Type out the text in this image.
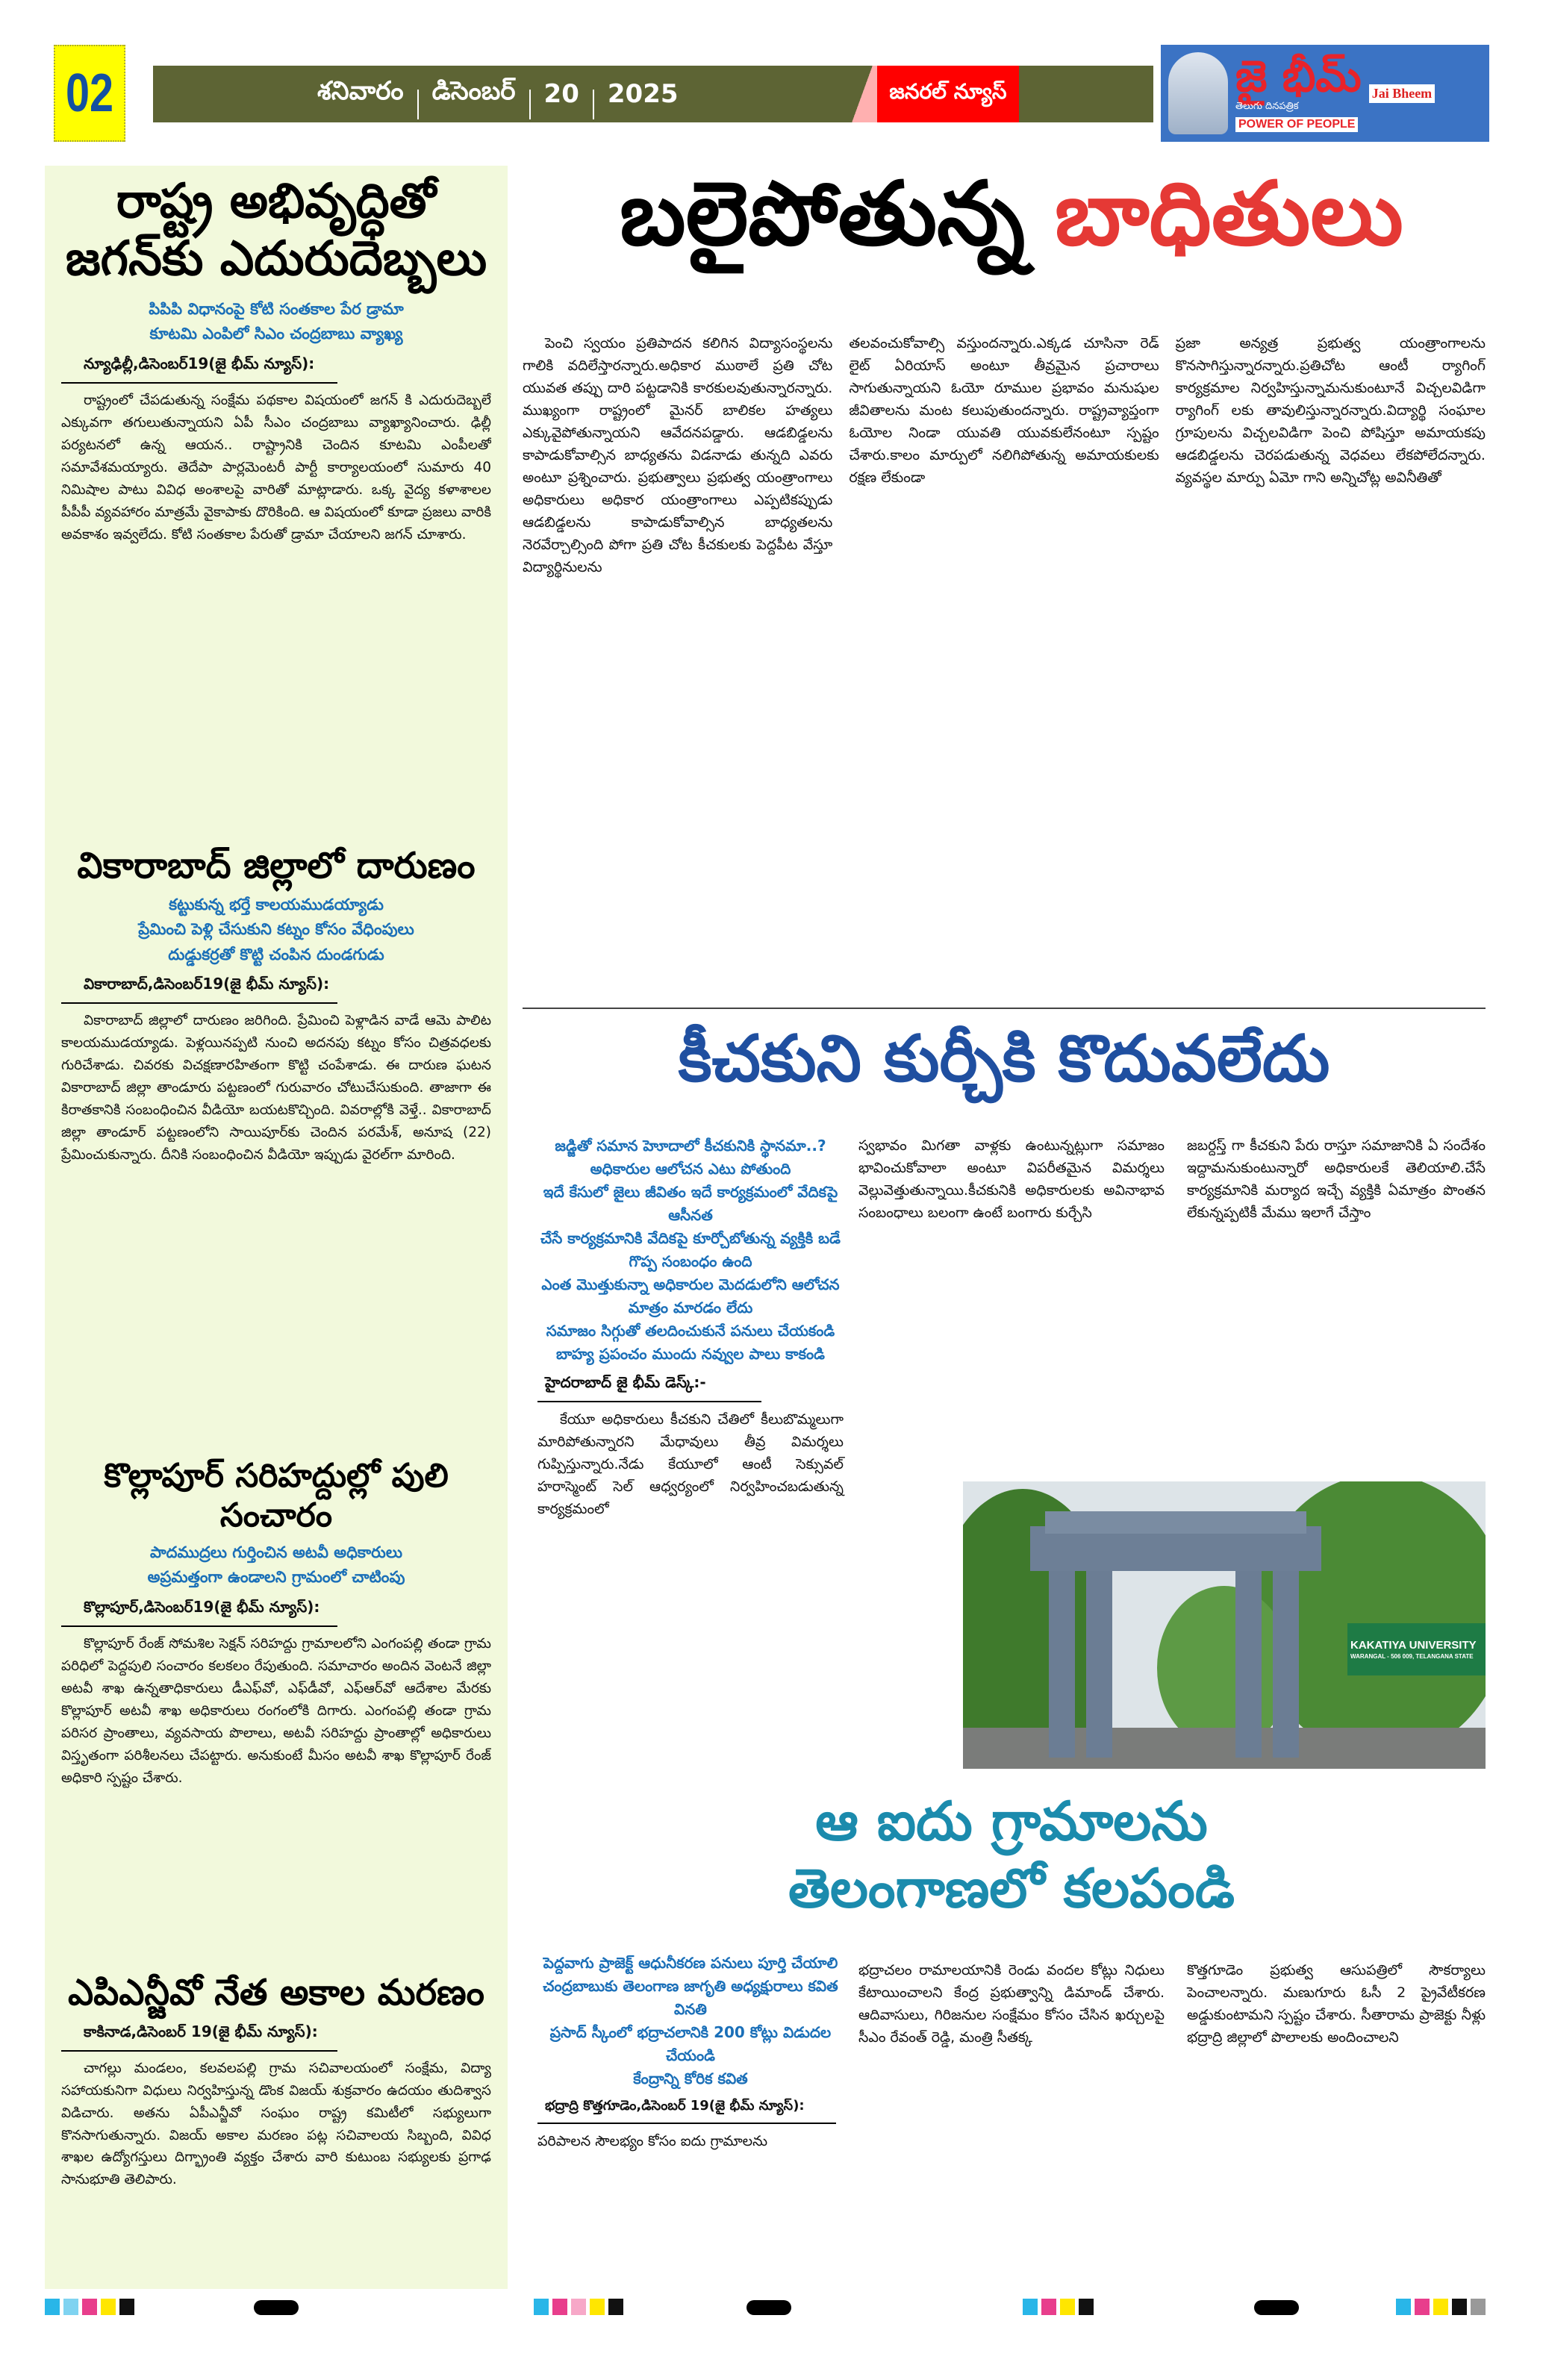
02	శనివారం డిసెంబర్ 20 2025	జనరల్ న్యూస్	జై భీమ్
తెలుగు దినపత్రిక
POWER OF PEOPLE
Jai Bheem
రాష్ట్ర అభివృద్ధితో జగన్‌కు ఎదురుదెబ్బలు
పిపిపి విధానంపై కోటి సంతకాల పేర డ్రామా
కూటమి ఎంపిలో సిఎం చంద్రబాబు వ్యాఖ్య
న్యూఢిల్లీ,డిసెంబర్19(జై భీమ్ న్యూస్):

రాష్ట్రంలో చేపడుతున్న సంక్షేమ పథకాల విషయంలో జగన్ కి ఎదురుదెబ్బలే ఎక్కువగా తగులుతున్నాయని ఏపీ సీఎం చంద్రబాబు వ్యాఖ్యానించారు. ఢిల్లీ పర్యటనలో ఉన్న ఆయన.. రాష్ట్రానికి చెందిన కూటమి ఎంపీలతో సమావేశమయ్యారు. తెదేపా పార్లమెంటరీ పార్టీ కార్యాలయంలో సుమారు 40 నిమిషాల పాటు వివిధ అంశాలపై వారితో మాట్లాడారు. ఒక్క వైద్య కళాశాలల పీపీపీ వ్యవహారం మాత్రమే వైకాపాకు దొరికింది. ఆ విషయంలో కూడా ప్రజలు వారికి అవకాశం ఇవ్వలేదు. కోటి సంతకాల పేరుతో డ్రామా చేయాలని జగన్ చూశారు.

వికారాబాద్ జిల్లాలో దారుణం
కట్టుకున్న భర్తే కాలయముడయ్యాడు
ప్రేమించి పెళ్లి చేసుకుని కట్నం కోసం వేధింపులు
దుడ్డుకర్రతో కొట్టి చంపిన దుండగుడు
వికారాబాద్,డిసెంబర్19(జై భీమ్ న్యూస్):

వికారాబాద్ జిల్లాలో దారుణం జరిగింది. ప్రేమించి పెళ్లాడిన వాడే ఆమె పాలిట కాలయముడయ్యాడు. పెళ్లయినప్పటి నుంచి అదనపు కట్నం కోసం చిత్రవధలకు గురిచేశాడు. చివరకు విచక్షణారహితంగా కొట్టి చంపేశాడు. ఈ దారుణ ఘటన వికారాబాద్ జిల్లా తాండూరు పట్టణంలో గురువారం చోటుచేసుకుంది. తాజాగా ఈ కిరాతకానికి సంబంధించిన వీడియో బయటకొచ్చింది. వివరాల్లోకి వెళ్తే.. వికారాబాద్ జిల్లా తాండూర్ పట్టణంలోని సాయిపూర్‌కు చెందిన పరమేశ్, అనూష (22) ప్రేమించుకున్నారు. దీనికి సంబంధించిన వీడియో ఇప్పుడు వైరల్‌గా మారింది.

కొల్లాపూర్ సరిహద్దుల్లో పులి సంచారం
పాదముద్రలు గుర్తించిన అటవీ అధికారులు
అప్రమత్తంగా ఉండాలని గ్రామంలో చాటింపు
కొల్లాపూర్,డిసెంబర్19(జై భీమ్ న్యూస్):

కొల్లాపూర్ రేంజ్ సోమశిల సెక్షన్ సరిహద్దు గ్రామాలలోని ఎంగంపల్లి తండా గ్రామ పరిధిలో పెద్దపులి సంచారం కలకలం రేపుతుంది. సమాచారం అందిన వెంటనే జిల్లా అటవీ శాఖ ఉన్నతాధికారులు డీఎఫ్‌వో, ఎఫ్‌డీవో, ఎఫ్ఆర్‌వో ఆదేశాల మేరకు కొల్లాపూర్ అటవీ శాఖ అధికారులు రంగంలోకి దిగారు. ఎంగంపల్లి తండా గ్రామ పరిసర ప్రాంతాలు, వ్యవసాయ పొలాలు, అటవీ సరిహద్దు ప్రాంతాల్లో అధికారులు విస్తృతంగా పరిశీలనలు చేపట్టారు. అనుకుంటే మీసం అటవీ శాఖ కొల్లాపూర్ రేంజ్ అధికారి స్పష్టం చేశారు.

ఎపిఎన్జీవో నేత అకాల మరణం
కాకినాడ,డిసెంబర్ 19(జై భీమ్ న్యూస్):

చాగల్లు మండలం, కలవలపల్లి గ్రామ సచివాలయంలో సంక్షేమ, విద్యా సహాయకునిగా విధులు నిర్వహిస్తున్న డొంక విజయ్ శుక్రవారం ఉదయం తుదిశ్వాస విడిచారు. అతను ఏపీఎన్జీవో సంఘం రాష్ట్ర కమిటీలో సభ్యులుగా కొనసాగుతున్నారు. విజయ్ అకాల మరణం పట్ల సచివాలయ సిబ్బంది, వివిధ శాఖల ఉద్యోగస్తులు దిగ్భ్రాంతి వ్యక్తం చేశారు వారి కుటుంబ సభ్యులకు ప్రగాఢ సానుభూతి తెలిపారు.

బలైపోతున్న బాధితులు
పెంచి స్వయం ప్రతిపాదన కలిగిన విద్యాసంస్థలను గాలికి వదిలేస్తారన్నారు.అధికార ముఠాలే ప్రతి చోట యువత తప్పు దారి పట్టడానికి కారకులవుతున్నారన్నారు. ముఖ్యంగా రాష్ట్రంలో మైనర్ బాలికల హత్యలు ఎక్కువైపోతున్నాయని ఆవేదనపడ్డారు. ఆడబిడ్డలను కాపాడుకోవాల్సిన బాధ్యతను విడనాడు తున్నది ఎవరు అంటూ ప్రశ్నించారు. ప్రభుత్వాలు ప్రభుత్వ యంత్రాంగాలు అధికారులు అధికార యంత్రాంగాలు ఎప్పటికప్పుడు ఆడబిడ్డలను కాపాడుకోవాల్సిన బాధ్యతలను నెరవేర్చాల్సింది పోగా ప్రతి చోట కీచకులకు పెద్దపీట వేస్తూ విద్యార్థినులను
తలవంచుకోవాల్సి వస్తుందన్నారు.ఎక్కడ చూసినా రెడ్ లైట్ ఏరియాస్ అంటూ తీవ్రమైన ప్రచారాలు సాగుతున్నాయని ఓయో రూముల ప్రభావం మనుషుల జీవితాలను మంట కలుపుతుందన్నారు. రాష్ట్రవ్యాప్తంగా ఓయోల నిండా యువతి యువకులేనంటూ స్పష్టం చేశారు.కాలం మార్పులో నలిగిపోతున్న అమాయకులకు రక్షణ లేకుండా
ప్రజా అన్యత్ర ప్రభుత్వ యంత్రాంగాలను కొనసాగిస్తున్నారన్నారు.ప్రతిచోట ఆంటీ ర్యాగింగ్ కార్యక్రమాల నిర్వహిస్తున్నామనుకుంటూనే విచ్చలవిడిగా ర్యాగింగ్ లకు తావులిస్తున్నారన్నారు.విద్యార్థి సంఘాల గ్రూపులను విచ్చలవిడిగా పెంచి పోషిస్తూ అమాయకపు ఆడబిడ్డలను చెరపడుతున్న వెధవలు లేకపోలేదన్నారు. వ్యవస్థల మార్పు ఏమో గాని అన్నిచోట్ల అవినీతితో
కీచకుని కుర్చీకి కొదువలేదు
జడ్జితో సమాన హెూదాలో కీచకునికి స్థానమా..?
అధికారుల ఆలోచన ఎటు పోతుంది
ఇదే కేసులో జైలు జీవితం ఇదే కార్యక్రమంలో వేదికపై ఆసీనత
చేసే కార్యక్రమానికి వేదికపై కూర్చోబోతున్న వ్యక్తికి బడే గొప్ప సంబంధం ఉంది
ఎంత మొత్తుకున్నా అధికారుల మెదడులోని ఆలోచన మాత్రం మారడం లేదు
సమాజం సిగ్గుతో తలదించుకునే పనులు చేయకండి
బాహ్య ప్రపంచం ముందు నవ్వుల పాలు కాకండి
హైదరాబాద్ జై భీమ్ డెస్క్:-

కేయూ అధికారులు కీచకుని చేతిలో కీలుబొమ్మలుగా మారిపోతున్నారని మేధావులు తీవ్ర విమర్శలు గుప్పిస్తున్నారు.నేడు కేయూలో ఆంటీ సెక్సువల్ హరాస్మెంట్ సెల్ ఆధ్వర్యంలో నిర్వహించబడుతున్న కార్యక్రమంలో

స్వభావం మిగతా వాళ్లకు ఉంటున్నట్లుగా సమాజం భావించుకోవాలా అంటూ విపరీతమైన విమర్శలు వెల్లువెత్తుతున్నాయి.కీచకునికి అధికారులకు అవినాభావ సంబంధాలు బలంగా ఉంటే బంగారు కుర్చేసి
జబర్దస్త్ గా కీచకుని పేరు రాస్తూ సమాజానికి ఏ సందేశం ఇద్దామనుకుంటున్నారో అధికారులకే తెలియాలి.చేసే కార్యక్రమానికి మర్యాద ఇచ్చే వ్యక్తికి ఏమాత్రం పొంతన లేకున్నప్పటికీ మేము ఇలాగే చేస్తాం
KAKATIYA UNIVERSITY
WARANGAL - 506 009, TELANGANA STATE
ఆ ఐదు గ్రామాలను
తెలంగాణలో కలపండి
పెద్దవాగు ప్రాజెక్ట్ ఆధునీకరణ పనులు పూర్తి చేయాలి
చంద్రబాబుకు తెలంగాణ జాగృతి అధ్యక్షురాలు కవిత వినతి
ప్రసాద్ స్కీంలో భద్రాచలానికి 200 కోట్లు విడుదల చేయండి
కేంద్రాన్ని కోరిక కవిత
భద్రాద్రి కొత్తగూడెం,డిసెంబర్ 19(జై భీమ్ న్యూస్):

పరిపాలన సౌలభ్యం కోసం ఐదు గ్రామాలను

భద్రాచలం రామాలయానికి రెండు వందల కోట్లు నిధులు కేటాయించాలని కేంద్ర ప్రభుత్వాన్ని డిమాండ్ చేశారు. ఆదివాసులు, గిరిజనుల సంక్షేమం కోసం చేసిన ఖర్చులపై సీఎం రేవంత్ రెడ్డి, మంత్రి సీతక్క
కొత్తగూడెం ప్రభుత్వ ఆసుపత్రిలో సౌకర్యాలు పెంచాలన్నారు. మణుగూరు ఓసీ 2 ప్రైవేటీకరణ అడ్డుకుంటామని స్పష్టం చేశారు. సీతారామ ప్రాజెక్టు నీళ్లు భద్రాద్రి జిల్లాలో పొలాలకు అందించాలని
